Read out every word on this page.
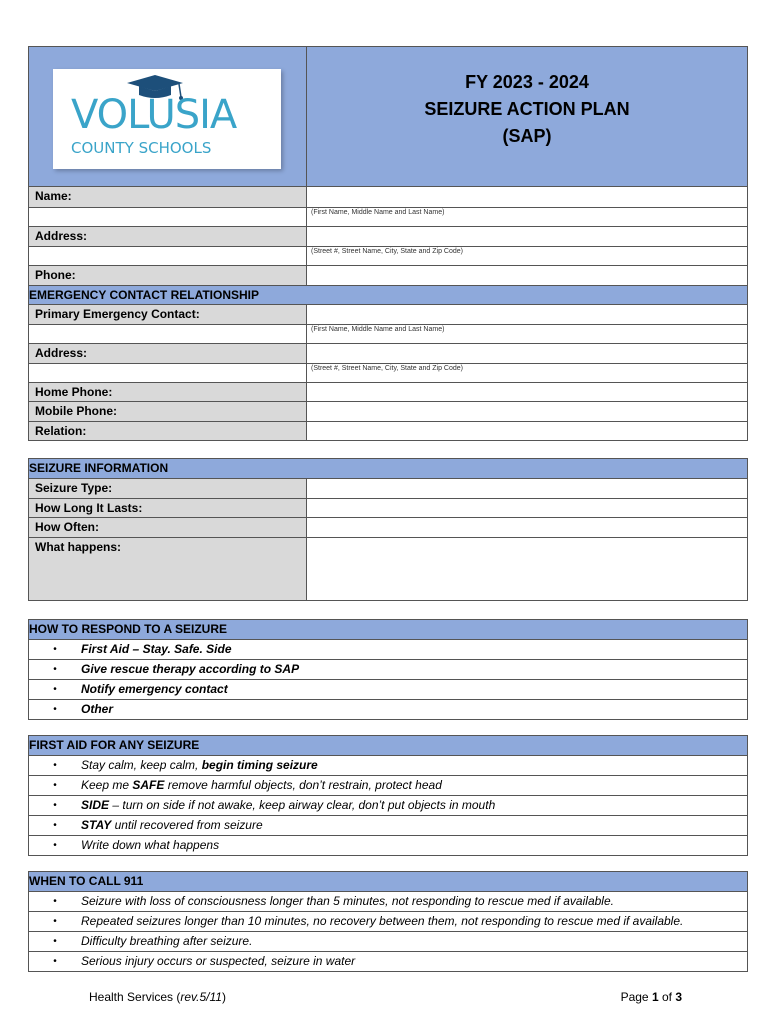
VOLUSIA
COUNTY SCHOOLS
FY 2023 - 2024
SEIZURE ACTION PLAN
(SAP)
Name:
(First Name, Middle Name and Last Name)
Address:
(Street #, Street Name, City, State and Zip Code)
Phone:
EMERGENCY CONTACT RELATIONSHIP
Primary Emergency Contact:
(First Name, Middle Name and Last Name)
Address:
(Street #, Street Name, City, State and Zip Code)
Home Phone:
Mobile Phone:
Relation:
SEIZURE INFORMATION
Seizure Type:
How Long It Lasts:
How Often:
What happens:
HOW TO RESPOND TO A SEIZURE
•	First Aid – Stay. Safe. Side
•	Give rescue therapy according to SAP
•	Notify emergency contact
•	Other
FIRST AID FOR ANY SEIZURE
•	Stay calm, keep calm, begin timing seizure
•	Keep me SAFE remove harmful objects, don’t restrain, protect head
•	SIDE – turn on side if not awake, keep airway clear, don’t put objects in mouth
•	STAY until recovered from seizure
•	Write down what happens
WHEN TO CALL 911
•	Seizure with loss of consciousness longer than 5 minutes, not responding to rescue med if available.
•	Repeated seizures longer than 10 minutes, no recovery between them, not responding to rescue med if available.
•	Difficulty breathing after seizure.
•	Serious injury occurs or suspected, seizure in water
Health Services (rev.5/11)	Page 1 of 3
